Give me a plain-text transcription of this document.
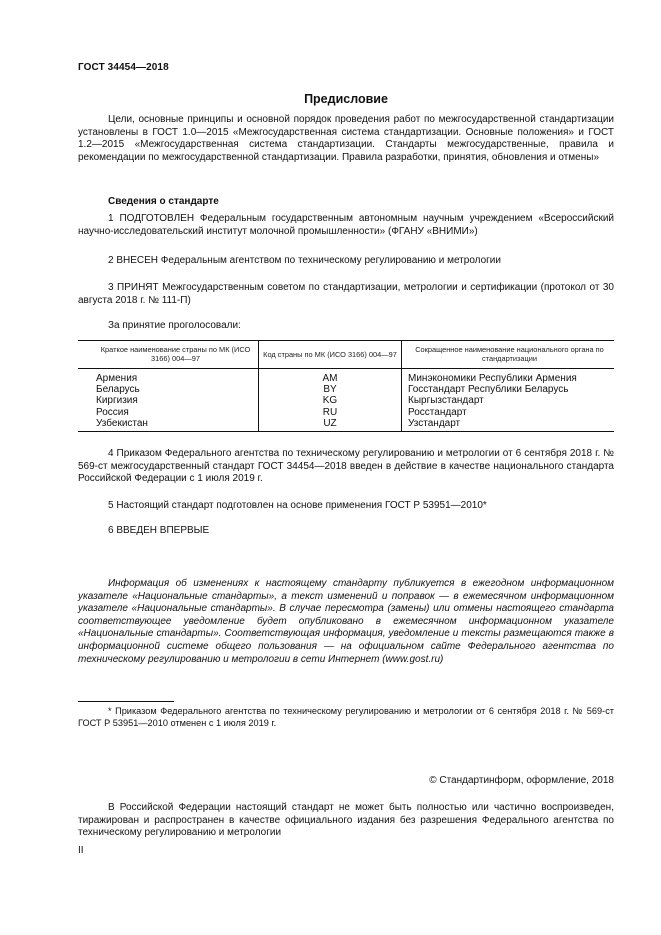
ГОСТ 34454—2018
Предисловие

Цели, основные принципы и основной порядок проведения работ по межгосударственной стандартизации установлены в ГОСТ 1.0—2015 «Межгосударственная система стандартизации. Основные положения» и ГОСТ 1.2—2015 «Межгосударственная система стандартизации. Стандарты межгосударственные, правила и рекомендации по межгосударственной стандартизации. Правила разработки, принятия, обновления и отмены»

Сведения о стандарте

1 ПОДГОТОВЛЕН Федеральным государственным автономным научным учреждением «Всероссийский научно-исследовательский институт молочной промышленности» (ФГАНУ «ВНИМИ»)

2 ВНЕСЕН Федеральным агентством по техническому регулированию и метрологии

3 ПРИНЯТ Межгосударственным советом по стандартизации, метрологии и сертификации (протокол от 30 августа 2018 г. № 111-П)

За принятие проголосовали:

Краткое наименование страны по МК (ИСО 3166) 004—97	Код страны по МК (ИСО 3166) 004—97	Сокращенное наименование национального органа по стандартизации
Армения	AM	Минэкономики Республики Армения
Беларусь	BY	Госстандарт Республики Беларусь
Киргизия	KG	Кыргызстандарт
Россия	RU	Росстандарт
Узбекистан	UZ	Узстандарт

4 Приказом Федерального агентства по техническому регулированию и метрологии от 6 сентября 2018 г. № 569-ст межгосударственный стандарт ГОСТ 34454—2018 введен в действие в качестве национального стандарта Российской Федерации с 1 июля 2019 г.

5 Настоящий стандарт подготовлен на основе применения ГОСТ Р 53951—2010*

6 ВВЕДЕН ВПЕРВЫЕ

Информация об изменениях к настоящему стандарту публикуется в ежегодном информационном указателе «Национальные стандарты», а текст изменений и поправок — в ежемесячном информационном указателе «Национальные стандарты». В случае пересмотра (замены) или отмены настоящего стандарта соответствующее уведомление будет опубликовано в ежемесячном информационном указателе «Национальные стандарты». Соответствующая информация, уведомление и тексты размещаются также в информационной системе общего пользования — на официальном сайте Федерального агентства по техническому регулированию и метрологии в сети Интернет (www.gost.ru)

* Приказом Федерального агентства по техническому регулированию и метрологии от 6 сентября 2018 г. № 569-ст ГОСТ Р 53951—2010 отменен с 1 июля 2019 г.

© Стандартинформ, оформление, 2018

В Российской Федерации настоящий стандарт не может быть полностью или частично воспроизведен, тиражирован и распространен в качестве официального издания без разрешения Федерального агентства по техническому регулированию и метрологии

II
